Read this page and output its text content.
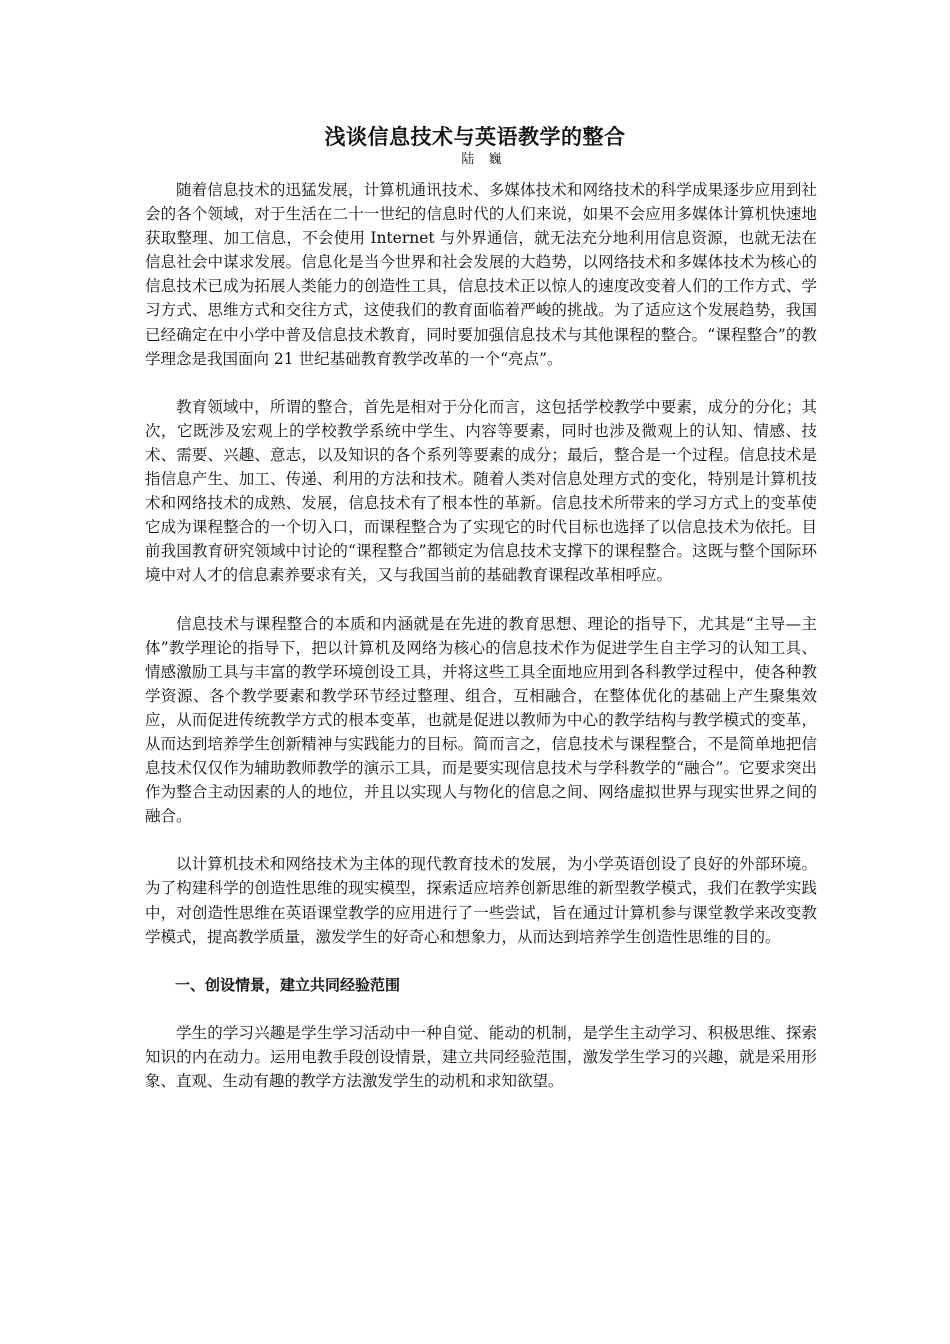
浅谈信息技术与英语教学的整合
陆 巍

随着信息技术的迅猛发展，计算机通讯技术、多媒体技术和网络技术的科学成果逐步应用到社会的各个领域，对于生活在二十一世纪的信息时代的人们来说，如果不会应用多媒体计算机快速地获取整理、加工信息，不会使用 Internet 与外界通信，就无法充分地利用信息资源，也就无法在信息社会中谋求发展。信息化是当今世界和社会发展的大趋势，以网络技术和多媒体技术为核心的信息技术已成为拓展人类能力的创造性工具，信息技术正以惊人的速度改变着人们的工作方式、学习方式、思维方式和交往方式，这使我们的教育面临着严峻的挑战。为了适应这个发展趋势，我国已经确定在中小学中普及信息技术教育，同时要加强信息技术与其他课程的整合。“课程整合”的教学理念是我国面向 21 世纪基础教育教学改革的一个“亮点”。

教育领域中，所谓的整合，首先是相对于分化而言，这包括学校教学中要素，成分的分化；其次，它既涉及宏观上的学校教学系统中学生、内容等要素，同时也涉及微观上的认知、情感、技术、需要、兴趣、意志，以及知识的各个系列等要素的成分；最后，整合是一个过程。信息技术是指信息产生、加工、传递、利用的方法和技术。随着人类对信息处理方式的变化，特别是计算机技术和网络技术的成熟、发展，信息技术有了根本性的革新。信息技术所带来的学习方式上的变革使它成为课程整合的一个切入口，而课程整合为了实现它的时代目标也选择了以信息技术为依托。目前我国教育研究领域中讨论的“课程整合”都锁定为信息技术支撑下的课程整合。这既与整个国际环境中对人才的信息素养要求有关，又与我国当前的基础教育课程改革相呼应。

信息技术与课程整合的本质和内涵就是在先进的教育思想、理论的指导下，尤其是“主导—主体”教学理论的指导下，把以计算机及网络为核心的信息技术作为促进学生自主学习的认知工具、情感激励工具与丰富的教学环境创设工具，并将这些工具全面地应用到各科教学过程中，使各种教学资源、各个教学要素和教学环节经过整理、组合，互相融合，在整体优化的基础上产生聚集效应，从而促进传统教学方式的根本变革，也就是促进以教师为中心的教学结构与教学模式的变革，从而达到培养学生创新精神与实践能力的目标。简而言之，信息技术与课程整合，不是简单地把信息技术仅仅作为辅助教师教学的演示工具，而是要实现信息技术与学科教学的“融合”。它要求突出作为整合主动因素的人的地位，并且以实现人与物化的信息之间、网络虚拟世界与现实世界之间的融合。

以计算机技术和网络技术为主体的现代教育技术的发展，为小学英语创设了良好的外部环境。为了构建科学的创造性思维的现实模型，探索适应培养创新思维的新型教学模式，我们在教学实践中，对创造性思维在英语课堂教学的应用进行了一些尝试，旨在通过计算机参与课堂教学来改变教学模式，提高教学质量，激发学生的好奇心和想象力，从而达到培养学生创造性思维的目的。

一、创设情景，建立共同经验范围

学生的学习兴趣是学生学习活动中一种自觉、能动的机制，是学生主动学习、积极思维、探索知识的内在动力。运用电教手段创设情景，建立共同经验范围，激发学生学习的兴趣，就是采用形象、直观、生动有趣的教学方法激发学生的动机和求知欲望。
